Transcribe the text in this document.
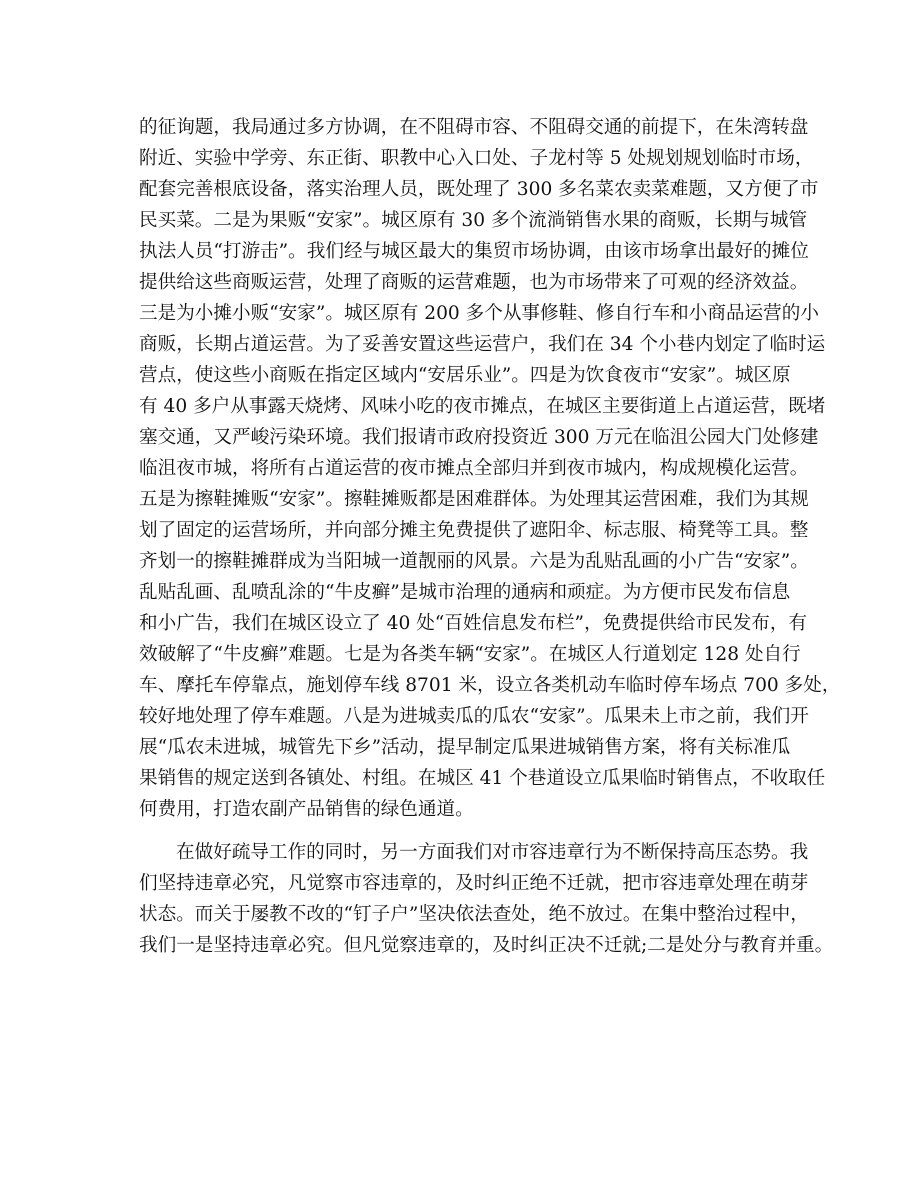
的征询题，我局通过多方协调，在不阻碍市容、不阻碍交通的前提下，在朱湾转盘
附近、实验中学旁、东正街、职教中心入口处、子龙村等 5 处规划规划临时市场，
配套完善根底设备，落实治理人员，既处理了 300 多名菜农卖菜难题，又方便了市
民买菜。二是为果贩“安家”。城区原有 30 多个流淌销售水果的商贩，长期与城管
执法人员“打游击”。我们经与城区最大的集贸市场协调，由该市场拿出最好的摊位
提供给这些商贩运营，处理了商贩的运营难题，也为市场带来了可观的经济效益。
三是为小摊小贩“安家”。城区原有 200 多个从事修鞋、修自行车和小商品运营的小
商贩，长期占道运营。为了妥善安置这些运营户，我们在 34 个小巷内划定了临时运
营点，使这些小商贩在指定区域内“安居乐业”。四是为饮食夜市“安家”。城区原
有 40 多户从事露天烧烤、风味小吃的夜市摊点，在城区主要街道上占道运营，既堵
塞交通，又严峻污染环境。我们报请市政府投资近 300 万元在临沮公园大门处修建
临沮夜市城，将所有占道运营的夜市摊点全部归并到夜市城内，构成规模化运营。
五是为擦鞋摊贩“安家”。擦鞋摊贩都是困难群体。为处理其运营困难，我们为其规
划了固定的运营场所，并向部分摊主免费提供了遮阳伞、标志服、椅凳等工具。整
齐划一的擦鞋摊群成为当阳城一道靓丽的风景。六是为乱贴乱画的小广告“安家”。
乱贴乱画、乱喷乱涂的“牛皮癣”是城市治理的通病和顽症。为方便市民发布信息
和小广告，我们在城区设立了 40 处“百姓信息发布栏”，免费提供给市民发布，有
效破解了“牛皮癣”难题。七是为各类车辆“安家”。在城区人行道划定 128 处自行
车、摩托车停靠点，施划停车线 8701 米，设立各类机动车临时停车场点 700 多处，
较好地处理了停车难题。八是为进城卖瓜的瓜农“安家”。瓜果未上市之前，我们开
展“瓜农未进城，城管先下乡”活动，提早制定瓜果进城销售方案，将有关标准瓜
果销售的规定送到各镇处、村组。在城区 41 个巷道设立瓜果临时销售点，不收取任
何费用，打造农副产品销售的绿色通道。
在做好疏导工作的同时，另一方面我们对市容违章行为不断保持高压态势。我
们坚持违章必究，凡觉察市容违章的，及时纠正绝不迁就，把市容违章处理在萌芽
状态。而关于屡教不改的“钉子户”坚决依法查处，绝不放过。在集中整治过程中，
我们一是坚持违章必究。但凡觉察违章的，及时纠正决不迁就;二是处分与教育并重。
